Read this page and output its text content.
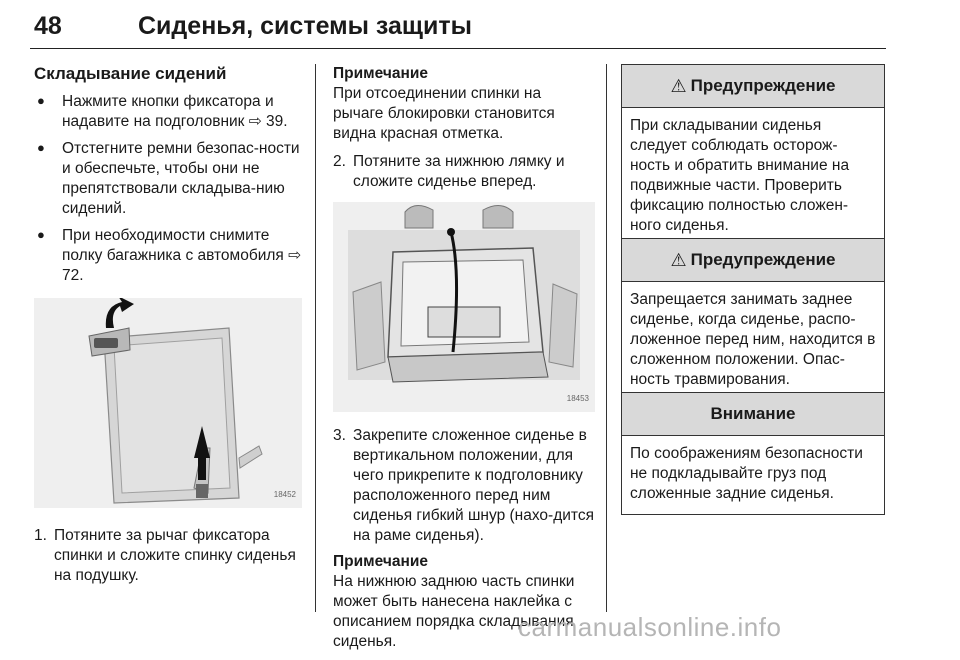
48	Сиденья, системы защиты
Складывание сидений
● Нажмите кнопки фиксатора и надавите на подголовник ⇨ 39.
● Отстегните ремни безопас-ности и обеспечьте, чтобы они не препятствовали складыва-нию сидений.
● При необходимости снимите полку багажника с автомобиля ⇨ 72.
18452
1. Потяните за рычаг фиксатора спинки и сложите спинку сиденья на подушку.
Примечание

При отсоединении спинки на рычаге блокировки становится видна красная отметка.

2. Потяните за нижнюю лямку и сложите сиденье вперед.
18453
3. Закрепите сложенное сиденье в вертикальном положении, для чего прикрепите к подголовнику расположенного перед ним сиденья гибкий шнур (нахо-дится на раме сиденья).
Примечание

На нижнюю заднюю часть спинки может быть нанесена наклейка с описанием порядка складывания сиденья.

⚠ Предупреждение
При складывании сиденья следует соблюдать осторож-ность и обратить внимание на подвижные части. Проверить фиксацию полностью сложен-ного сиденья.
⚠ Предупреждение
Запрещается занимать заднее сиденье, когда сиденье, распо-ложенное перед ним, находится в сложенном положении. Опас-ность травмирования.
Внимание
По соображениям безопасности не подкладывайте груз под сложенные задние сиденья.
carmanualsonline.info
